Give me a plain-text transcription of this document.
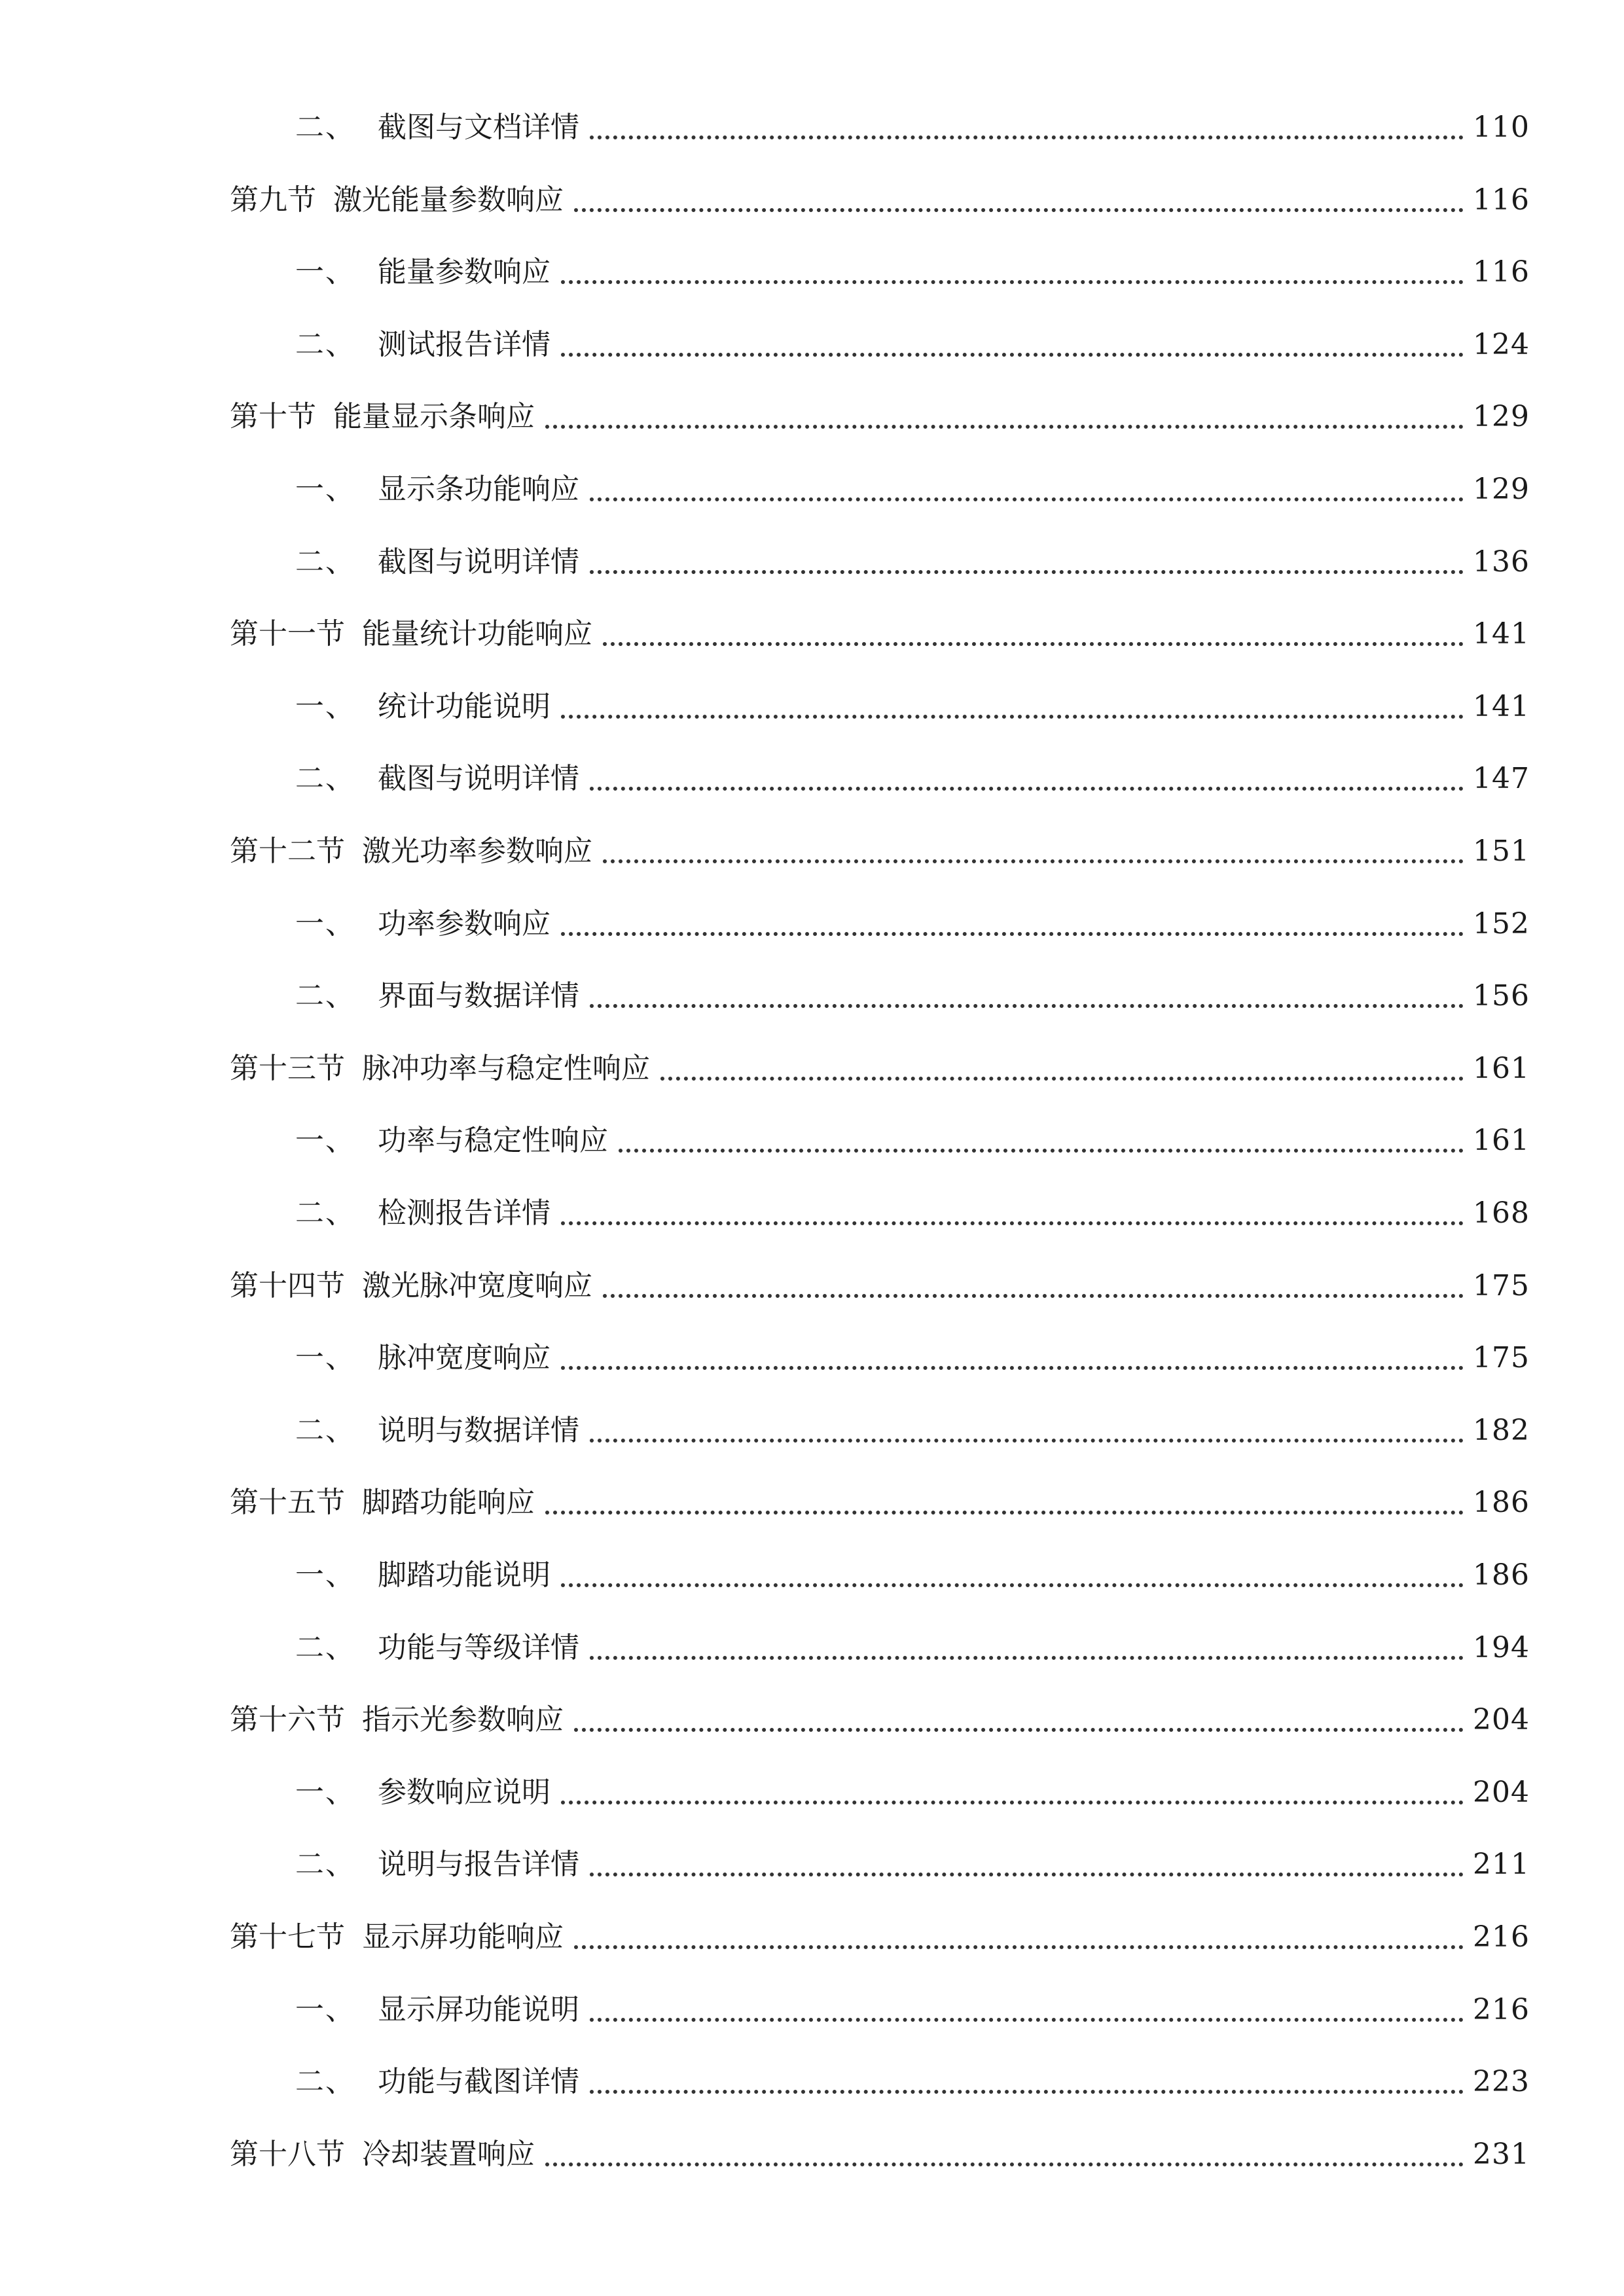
二、 截图与文档详情	110
第九节 激光能量参数响应	116
一、 能量参数响应	116
二、 测试报告详情	124
第十节 能量显示条响应	129
一、 显示条功能响应	129
二、 截图与说明详情	136
第十一节 能量统计功能响应	141
一、 统计功能说明	141
二、 截图与说明详情	147
第十二节 激光功率参数响应	151
一、 功率参数响应	152
二、 界面与数据详情	156
第十三节 脉冲功率与稳定性响应	161
一、 功率与稳定性响应	161
二、 检测报告详情	168
第十四节 激光脉冲宽度响应	175
一、 脉冲宽度响应	175
二、 说明与数据详情	182
第十五节 脚踏功能响应	186
一、 脚踏功能说明	186
二、 功能与等级详情	194
第十六节 指示光参数响应	204
一、 参数响应说明	204
二、 说明与报告详情	211
第十七节 显示屏功能响应	216
一、 显示屏功能说明	216
二、 功能与截图详情	223
第十八节 冷却装置响应	231
